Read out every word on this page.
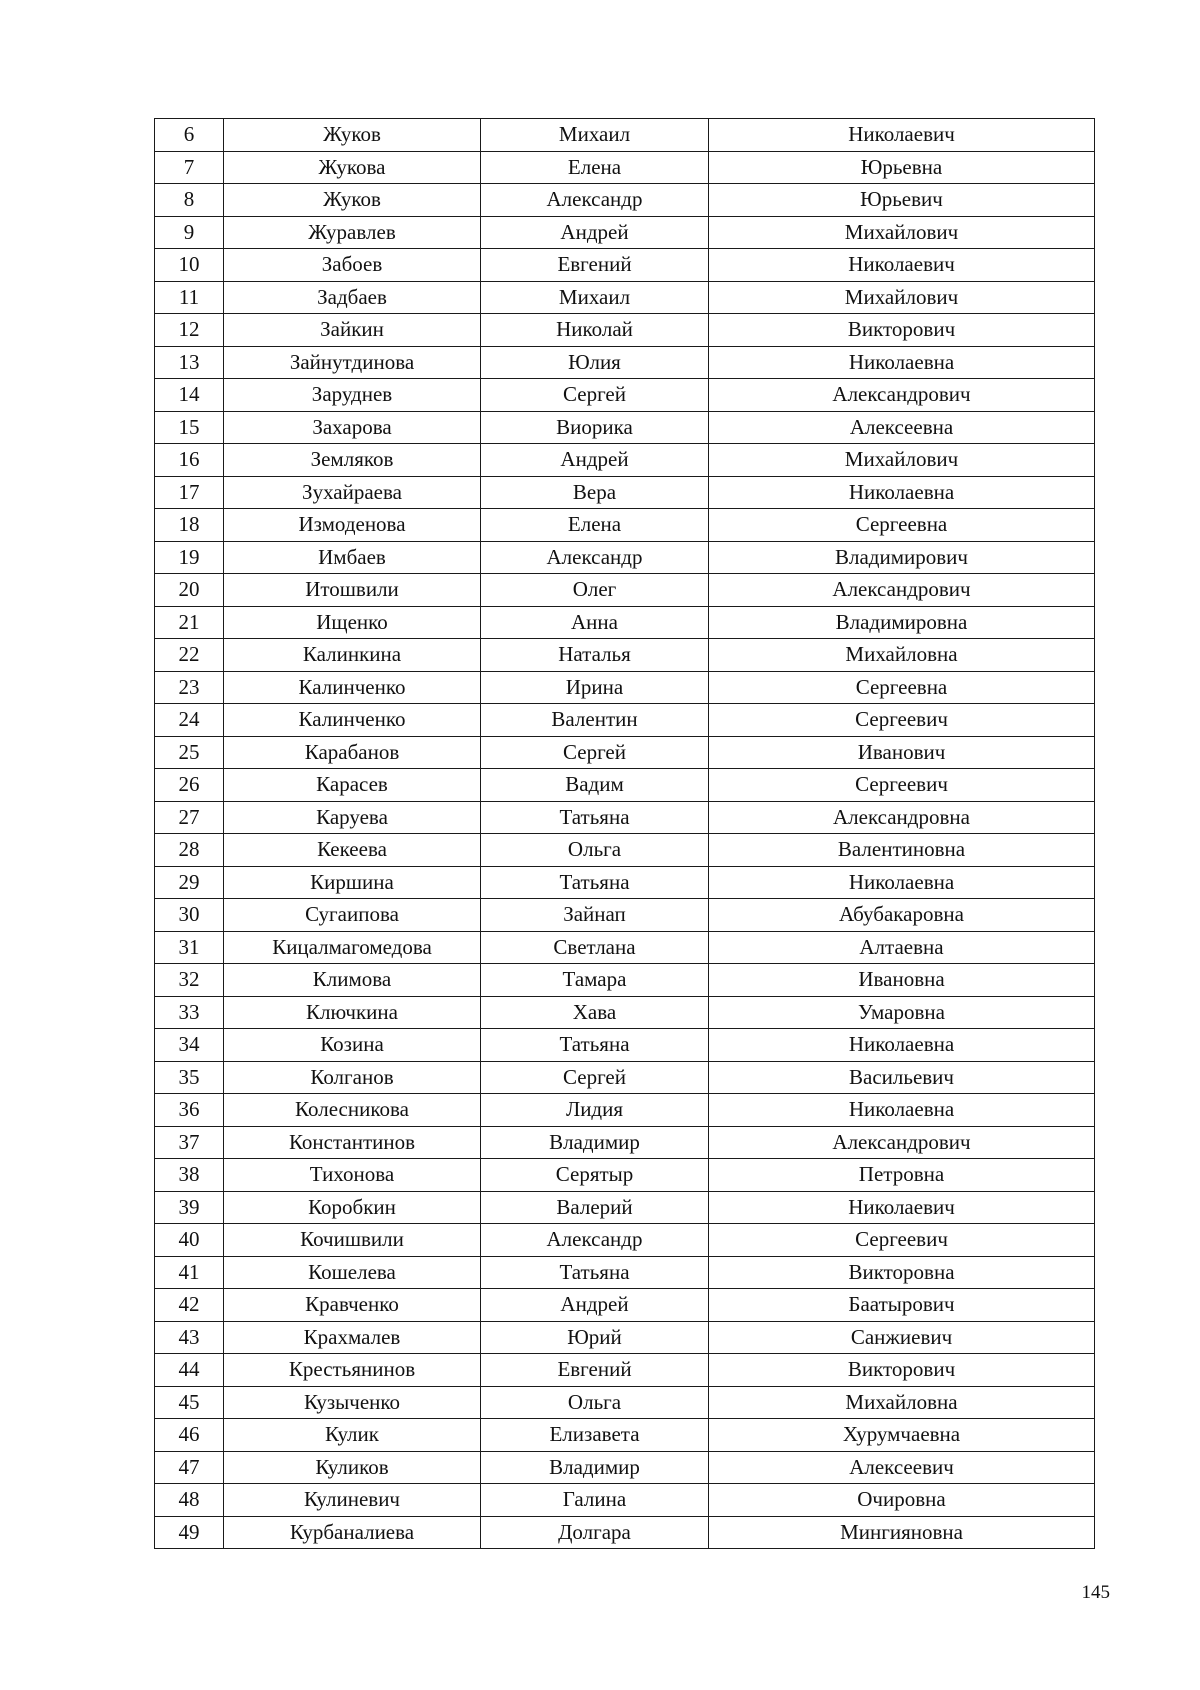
6	Жуков	Михаил	Николаевич
7	Жукова	Елена	Юрьевна
8	Жуков	Александр	Юрьевич
9	Журавлев	Андрей	Михайлович
10	Забоев	Евгений	Николаевич
11	Задбаев	Михаил	Михайлович
12	Зайкин	Николай	Викторович
13	Зайнутдинова	Юлия	Николаевна
14	Заруднев	Сергей	Александрович
15	Захарова	Виорика	Алексеевна
16	Земляков	Андрей	Михайлович
17	Зухайраева	Вера	Николаевна
18	Измоденова	Елена	Сергеевна
19	Имбаев	Александр	Владимирович
20	Итошвили	Олег	Александрович
21	Ищенко	Анна	Владимировна
22	Калинкина	Наталья	Михайловна
23	Калинченко	Ирина	Сергеевна
24	Калинченко	Валентин	Сергеевич
25	Карабанов	Сергей	Иванович
26	Карасев	Вадим	Сергеевич
27	Каруева	Татьяна	Александровна
28	Кекеева	Ольга	Валентиновна
29	Киршина	Татьяна	Николаевна
30	Сугаипова	Зайнап	Абубакаровна
31	Кицалмагомедова	Светлана	Алтаевна
32	Климова	Тамара	Ивановна
33	Ключкина	Хава	Умаровна
34	Козина	Татьяна	Николаевна
35	Колганов	Сергей	Васильевич
36	Колесникова	Лидия	Николаевна
37	Константинов	Владимир	Александрович
38	Тихонова	Серятыр	Петровна
39	Коробкин	Валерий	Николаевич
40	Кочишвили	Александр	Сергеевич
41	Кошелева	Татьяна	Викторовна
42	Кравченко	Андрей	Баатырович
43	Крахмалев	Юрий	Санжиевич
44	Крестьянинов	Евгений	Викторович
45	Кузыченко	Ольга	Михайловна
46	Кулик	Елизавета	Хурумчаевна
47	Куликов	Владимир	Алексеевич
48	Кулиневич	Галина	Очировна
49	Курбаналиева	Долгара	Мингияновна
145
